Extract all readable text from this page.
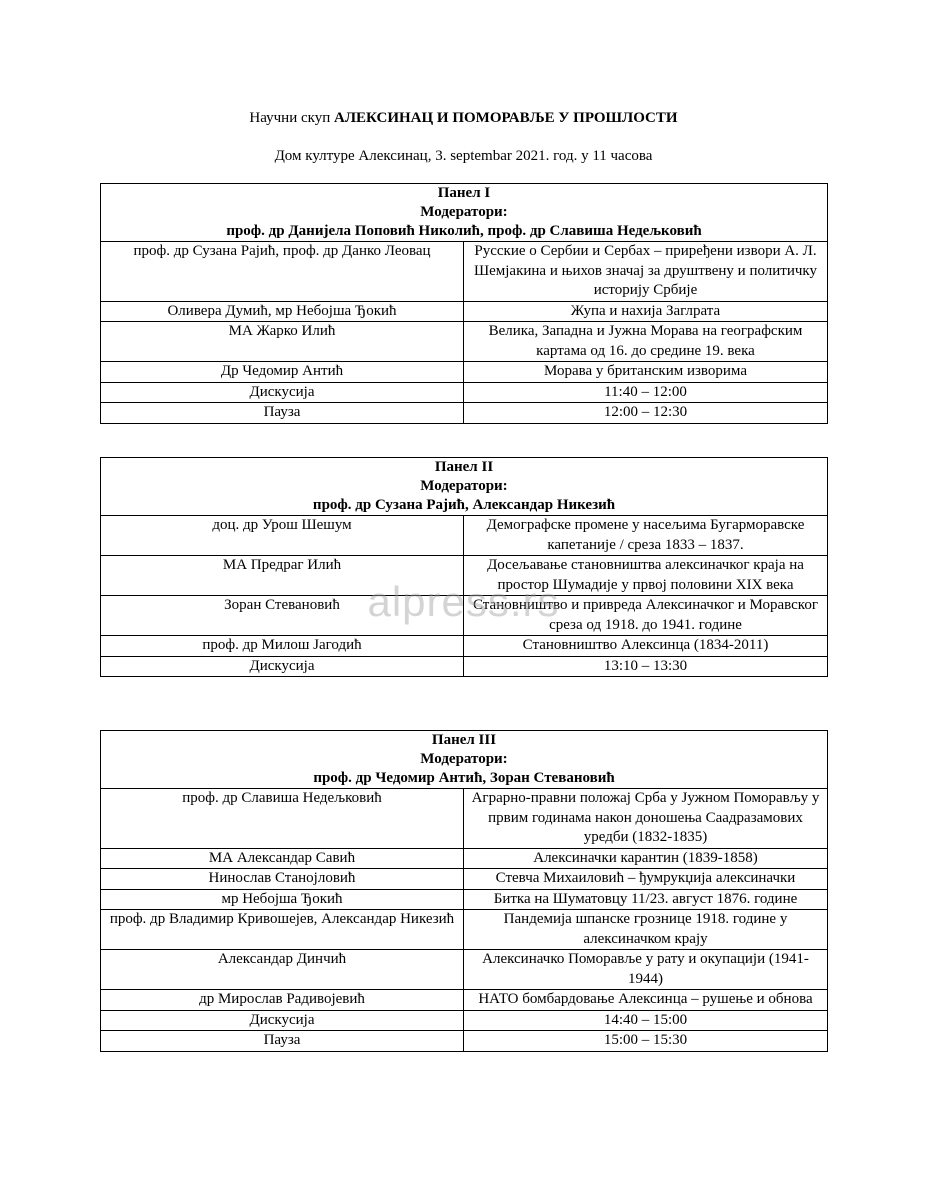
Научни скуп АЛЕКСИНАЦ И ПОМОРАВЉЕ У ПРОШЛОСТИ
Дом културе Алексинац, 3. septembar 2021. год. у 11 часова
Панел I
Модератори:
проф. др Данијела Поповић Николић, проф. др Славиша Недељковић	

проф. др Сузана Рајић, проф. др Данко Леовац	Русские о Сербии и Сербах – приређени извори А. Л. Шемјакина и њихов значај за друштвену и политичку историју Србије
Оливера Думић, мр Небојша Ђокић	Жупа и нахија Заглрата
МА Жарко Илић	Велика, Западна и Јужна Морава на географским картама од 16. до средине 19. века
Др Чедомир Антић	Морава у британским изворима
Дискусија	11:40 – 12:00
Пауза	12:00 – 12:30
Панел II
Модератори:
проф. др Сузана Рајић, Александар Никезић	

доц. др Урош Шешум	Демографске промене у насељима Бугарморавске капетаније / среза 1833 – 1837.
МА Предраг Илић	Досељавање становништва алексиначког краја на простор Шумадије у првој половини XIX века
Зоран Стевановић	Становништво и привреда Алексиначког и Моравског среза од 1918. до 1941. године
проф. др Милош Јагодић	Становништво Алексинца (1834-2011)
Дискусија	13:10 – 13:30
Панел III
Модератори:
проф. др Чедомир Антић, Зоран Стевановић	

проф. др Славиша Недељковић	Аграрно-правни положај Срба у Јужном Поморављу у првим годинама након доношења Саадразамових уредби (1832-1835)
МА Александар Савић	Алексиначки карантин (1839-1858)
Нинослав Станојловић	Стевча Михаиловић – ђумрукџија алексиначки
мр Небојша Ђокић	Битка на Шуматовцу 11/23. август 1876. године
проф. др Владимир Кривошејев, Александар Никезић	Пандемија шпанске грознице 1918. године у алексиначком крају
Александар Динчић	Алексиначко Поморавље у рату и окупацији (1941-1944)
др Мирослав Радивојевић	НАТО бомбардовање Алексинца – рушење и обнова
Дискусија	14:40 – 15:00
Пауза	15:00 – 15:30
alpress.rs
